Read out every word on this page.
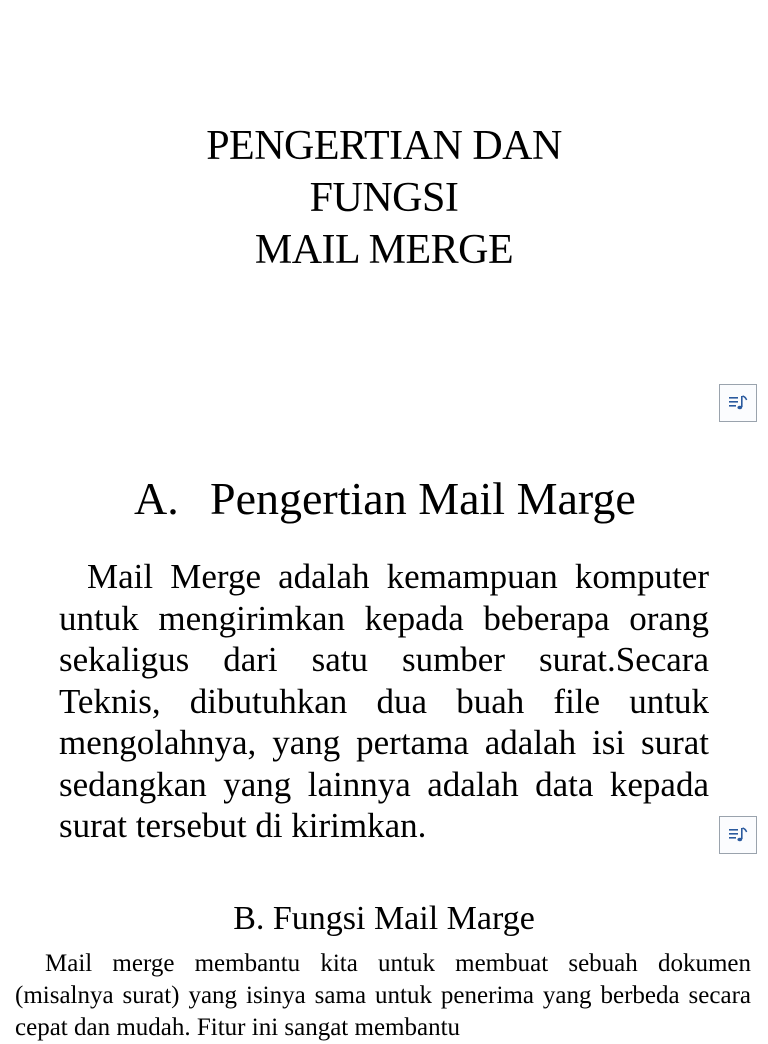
PENGERTIAN DAN
FUNGSI
MAIL MERGE
A. Pengertian Mail Marge
Mail Merge adalah kemampuan komputer untuk mengirimkan kepada beberapa orang sekaligus dari satu sumber surat.Secara Teknis, dibutuhkan dua buah file untuk mengolahnya, yang pertama adalah isi surat sedangkan yang lainnya adalah data kepada surat tersebut di kirimkan.
B. Fungsi Mail Marge
Mail merge membantu kita untuk membuat sebuah dokumen (misalnya surat) yang isinya sama untuk penerima yang berbeda secara cepat dan mudah. Fitur ini sangat membantu
